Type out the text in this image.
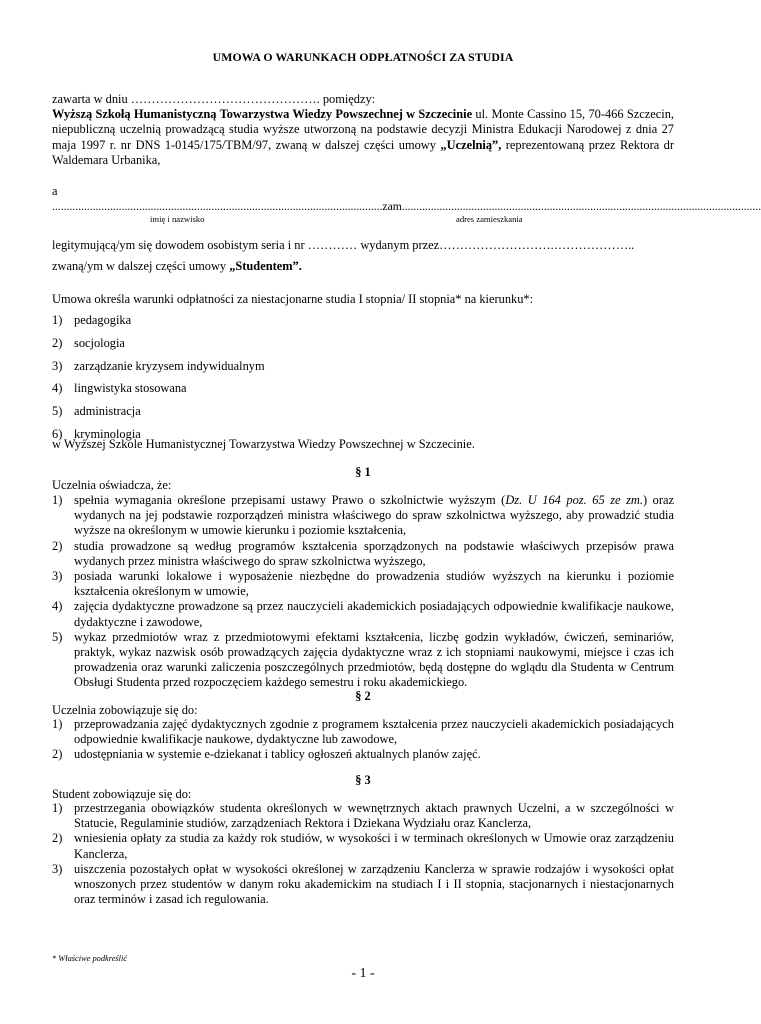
UMOWA O WARUNKACH ODPŁATNOŚCI ZA STUDIA
zawarta w dniu ………………………………………. pomiędzy:
Wyższą Szkołą Humanistyczną Towarzystwa Wiedzy Powszechnej w Szczecinie ul. Monte Cassino 15, 70-466 Szczecin, niepubliczną uczelnią prowadzącą studia wyższe utworzoną na podstawie decyzji Ministra Edukacji Narodowej z dnia 27 maja 1997 r. nr DNS 1-0145/175/TBM/97, zwaną w dalszej części umowy „Uczelnią”, reprezentowaną przez Rektora dr Waldemara Urbanika,
a
..................................................................................................................zam............................................................................................................................
imię i nazwisko	adres zamieszkania
legitymującą/ym się dowodem osobistym seria i nr ………… wydanym przez……………………….………………..
zwaną/ym w dalszej części umowy „Studentem”.
Umowa określa warunki odpłatności za niestacjonarne studia I stopnia/ II stopnia* na kierunku*:
1) pedagogika
2) socjologia
3) zarządzanie kryzysem indywidualnym
4) lingwistyka stosowana
5) administracja
6) kryminologia
w Wyższej Szkole Humanistycznej Towarzystwa Wiedzy Powszechnej w Szczecinie.
§ 1
Uczelnia oświadcza, że:
1) spełnia wymagania określone przepisami ustawy Prawo o szkolnictwie wyższym (Dz. U 164 poz. 65 ze zm.) oraz wydanych na jej podstawie rozporządzeń ministra właściwego do spraw szkolnictwa wyższego, aby prowadzić studia wyższe na określonym w umowie kierunku i poziomie kształcenia,
2) studia prowadzone są według programów kształcenia sporządzonych na podstawie właściwych przepisów prawa wydanych przez ministra właściwego do spraw szkolnictwa wyższego,
3) posiada warunki lokalowe i wyposażenie niezbędne do prowadzenia studiów wyższych na kierunku i poziomie kształcenia określonym w umowie,
4) zajęcia dydaktyczne prowadzone są przez nauczycieli akademickich posiadających odpowiednie kwalifikacje naukowe, dydaktyczne i zawodowe,
5) wykaz przedmiotów wraz z przedmiotowymi efektami kształcenia, liczbę godzin wykładów, ćwiczeń, seminariów, praktyk, wykaz nazwisk osób prowadzących zajęcia dydaktyczne wraz z ich stopniami naukowymi, miejsce i czas ich prowadzenia oraz warunki zaliczenia poszczególnych przedmiotów, będą dostępne do wglądu dla Studenta w Centrum Obsługi Studenta przed rozpoczęciem każdego semestru i roku akademickiego.
§ 2
Uczelnia zobowiązuje się do:
1) przeprowadzania zajęć dydaktycznych zgodnie z programem kształcenia przez nauczycieli akademickich posiadających odpowiednie kwalifikacje naukowe, dydaktyczne lub zawodowe,
2) udostępniania w systemie e-dziekanat i tablicy ogłoszeń aktualnych planów zajęć.
§ 3
Student zobowiązuje się do:
1) przestrzegania obowiązków studenta określonych w wewnętrznych aktach prawnych Uczelni, a w szczególności w Statucie, Regulaminie studiów, zarządzeniach Rektora i Dziekana Wydziału oraz Kanclerza,
2) wniesienia opłaty za studia za każdy rok studiów, w wysokości i w terminach określonych w Umowie oraz zarządzeniu Kanclerza,
3) uiszczenia pozostałych opłat w wysokości określonej w zarządzeniu Kanclerza w sprawie rodzajów i wysokości opłat wnoszonych przez studentów w danym roku akademickim na studiach I i II stopnia, stacjonarnych i niestacjonarnych oraz terminów i zasad ich regulowania.
* Właściwe podkreślić
- 1 -
